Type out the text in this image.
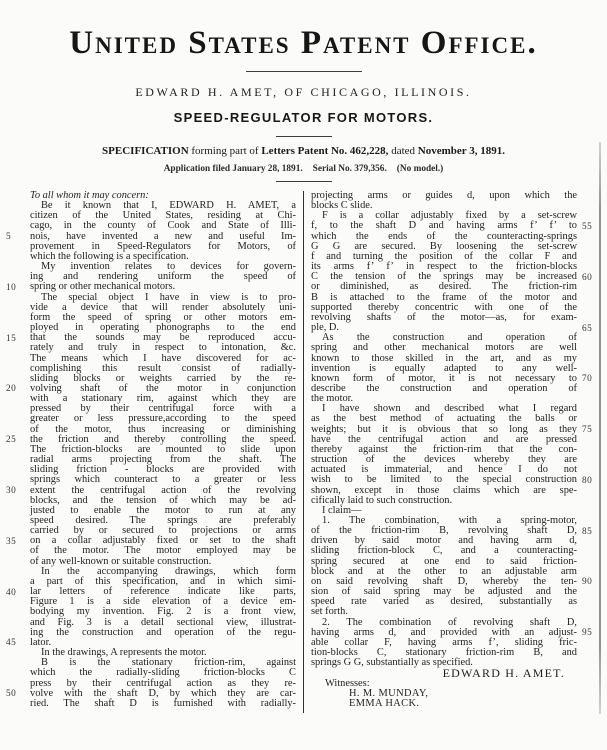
United States Patent Office.
EDWARD H. AMET, OF CHICAGO, ILLINOIS.
SPEED-REGULATOR FOR MOTORS.
SPECIFICATION forming part of Letters Patent No. 462,228, dated November 3, 1891.
Application filed January 28, 1891. Serial No. 379,356. (No model.)
To all whom it may concern:
Be it known that I, EDWARD H. AMET, a
citizen of the United States, residing at Chi-
cago, in the county of Cook and State of Illi-
nois, have invented a new and useful Im-
5
provement in Speed-Regulators for Motors, of
which the following is a specification.
My invention relates to devices for govern-
ing and rendering uniform the speed of
spring or other mechanical motors.
10
The special object I have in view is to pro-
vide a device that will render absolutely uni-
form the speed of spring or other motors em-
ployed in operating phonographs to the end
that the sounds may be reproduced accu-
15
rately and truly in respect to intonation, &c.
The means which I have discovered for ac-
complishing this result consist of radially-
sliding blocks or weights carried by the re-
volving shaft of the motor in conjunction
20
with a stationary rim, against which they are
pressed by their centrifugal force with a
greater or less pressure,according to the speed
of the motor, thus increasing or diminishing
the friction and thereby controlling the speed.
25
The friction-blocks are mounted to slide upon
radial arms projecting from the shaft. The
sliding friction - blocks are provided with
springs which counteract to a greater or less
extent the centrifugal action of the revolving
30
blocks, and the tension of which may be ad-
justed to enable the motor to run at any
speed desired. The springs are preferably
carried by or secured to projections or arms
on a collar adjustably fixed or set to the shaft
35
of the motor. The motor employed may be
of any well-known or suitable construction.
In the accompanying drawings, which form
a part of this specification, and in which simi-
lar letters of reference indicate like parts,
40
Figure 1 is a side elevation of a device em-
bodying my invention. Fig. 2 is a front view,
and Fig. 3 is a detail sectional view, illustrat-
ing the construction and operation of the regu-
lator.
45
In the drawings, A represents the motor.
B is the stationary friction-rim, against
which the radially-sliding friction-blocks C
press by their centrifugal action as they re-
volve with the shaft D, by which they are car-
50
ried. The shaft D is furnished with radially-
projecting arms or guides d, upon which the
blocks C slide.
F is a collar adjustably fixed by a set-screw
f, to the shaft D and having arms f’ f’ to 55
which the ends of the counteracting-springs
G G are secured. By loosening the set-screw
f and turning the position of the collar F and
its arms f’ f’ in respect to the friction-blocks
C the tension of the springs may be increased 60
or diminished, as desired. The friction-rim
B is attached to the frame of the motor and
supported thereby concentric with one of the
revolving shafts of the motor—as, for exam-
ple, D.	65
As the construction and operation of
spring and other mechanical motors are well
known to those skilled in the art, and as my
invention is equally adapted to any well-
known form of motor, it is not necessary to 70
describe the construction and operation of
the motor.
I have shown and described what I regard
as the best method of actuating the balls or
weights; but it is obvious that so long as they 75
have the centrifugal action and are pressed
thereby against the friction-rim that the con-
struction of the devices whereby they are
actuated is immaterial, and hence I do not
wish to be limited to the special construction 80
shown, except in those claims which are spe-
cifically laid to such construction.
I claim—
1. The combination, with a spring-motor,
of the friction-rim B, revolving shaft D, 85
driven by said motor and having arm d,
sliding friction-block C, and a counteracting-
spring secured at one end to said friction-
block and at the other to an adjustable arm
on said revolving shaft D, whereby the ten- 90
sion of said spring may be adjusted and the
speed rate varied as desired, substantially as
set forth.
2. The combination of revolving shaft D,
having arms d, and provided with an adjust- 95
able collar F, having arms f’, sliding fric-
tion-blocks C, stationary friction-rim B, and
springs G G, substantially as specified.
EDWARD H. AMET.
Witnesses:
H. M. MUNDAY,
EMMA HACK.
